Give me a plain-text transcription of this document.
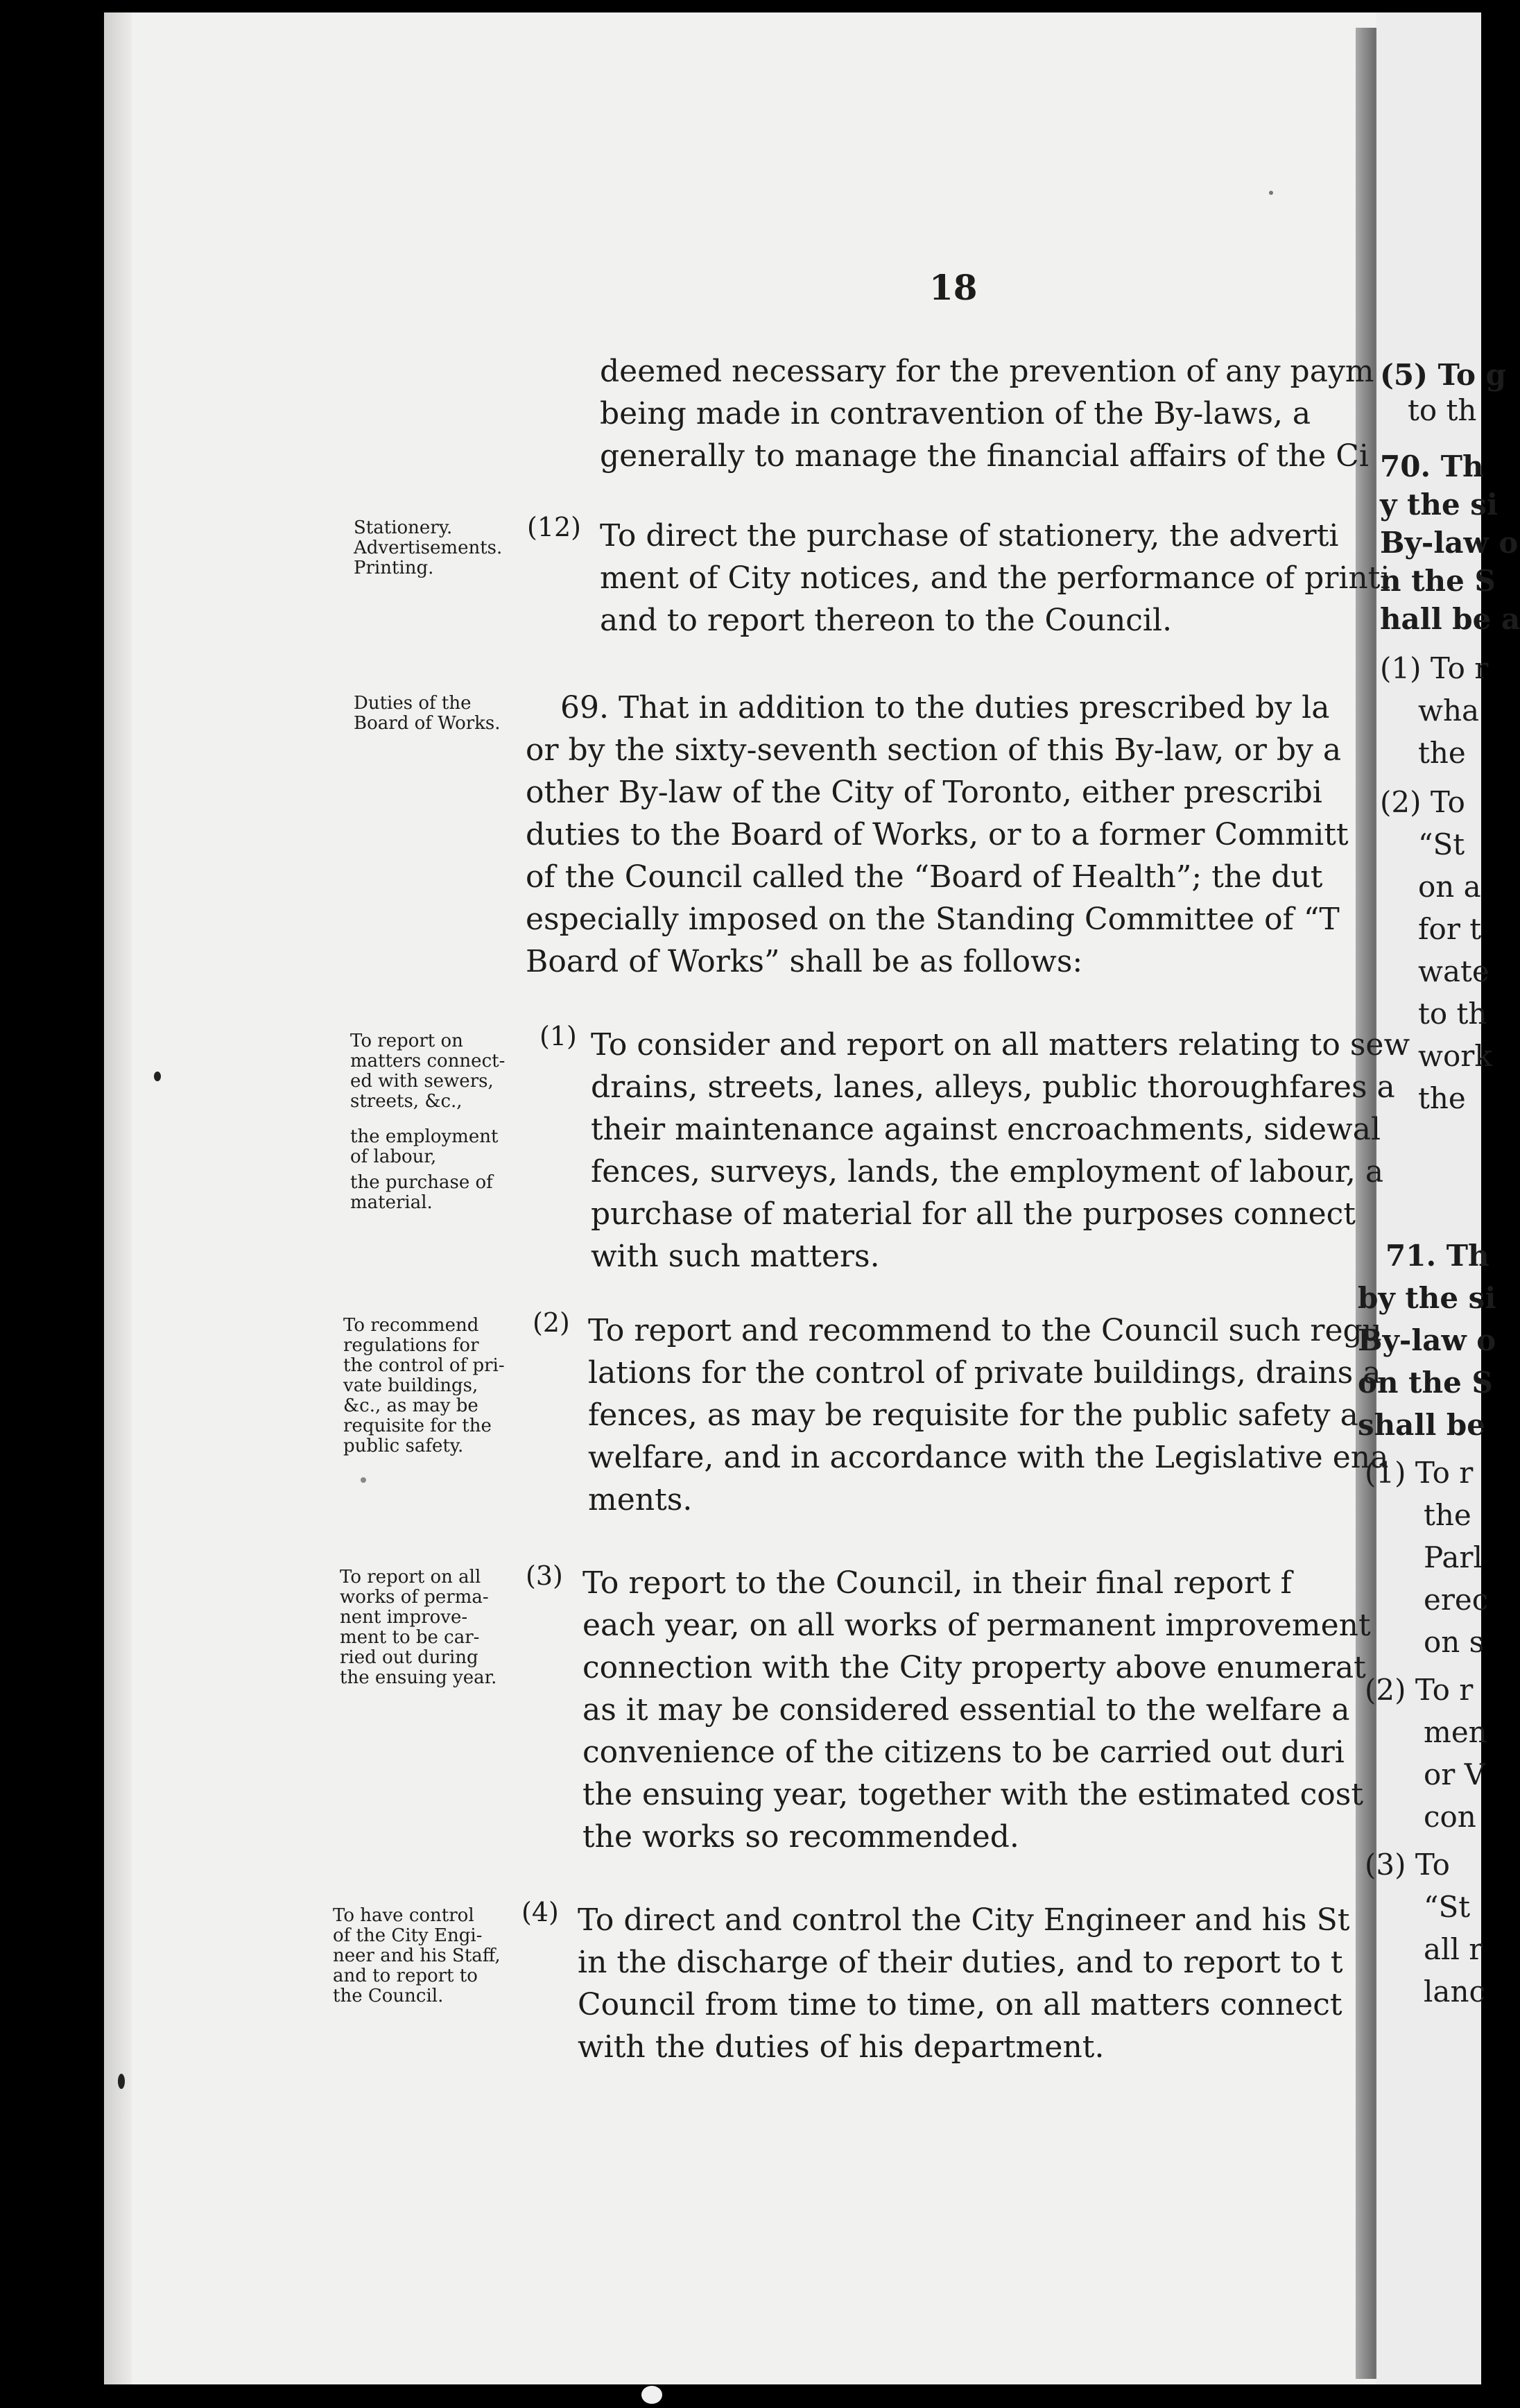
18
deemed necessary for the prevention of any paym
being made in contravention of the By-laws, a
generally to manage the financial affairs of the Ci
Stationery.
Advertisements.
Printing.
(12) To direct the purchase of stationery, the adverti
ment of City notices, and the performance of printi
and to report thereon to the Council.
Duties of the
Board of Works.	69. That in addition to the duties prescribed by la
or by the sixty-seventh section of this By-law, or by a
other By-law of the City of Toronto, either prescribi
duties to the Board of Works, or to a former Committ
of the Council called the “Board of Health”; the dut
especially imposed on the Standing Committee of “T
Board of Works” shall be as follows:
To report on
matters connect-
ed with sewers,
streets, &c.,
the employment
of labour,
the purchase of
material.
(1) To consider and report on all matters relating to sew
drains, streets, lanes, alleys, public thoroughfares a
their maintenance against encroachments, sidewal
fences, surveys, lands, the employment of labour, a
purchase of material for all the purposes connect
with such matters.
To recommend
regulations for
the control of pri-
vate buildings,
&c., as may be
requisite for the
public safety.
(2) To report and recommend to the Council such regu
lations for the control of private buildings, drains a
fences, as may be requisite for the public safety a
welfare, and in accordance with the Legislative ena
ments.
To report on all
works of perma-
nent improve-
ment to be car-
ried out during
the ensuing year.
(3) To report to the Council, in their final report f
each year, on all works of permanent improvement
connection with the City property above enumerat
as it may be considered essential to the welfare a
convenience of the citizens to be carried out duri
the ensuing year, together with the estimated cost
the works so recommended.
To have control
of the City Engi-
neer and his Staff,
and to report to
the Council.
(4) To direct and control the City Engineer and his St
in the discharge of their duties, and to report to t
Council from time to time, on all matters connect
with the duties of his department.
(5) To g
to th
70. Th
y the si
By-law o
n the S
hall be a
(1) To r
wha
the
(2) To
“St
on a
for t
wate
to th
work
the
71. Th
by the si
By-law o
on the S
shall be
(1) To r
the
Parl
erec
on s
(2) To r
men
or V
con
(3) To
“St
all r
lanc
